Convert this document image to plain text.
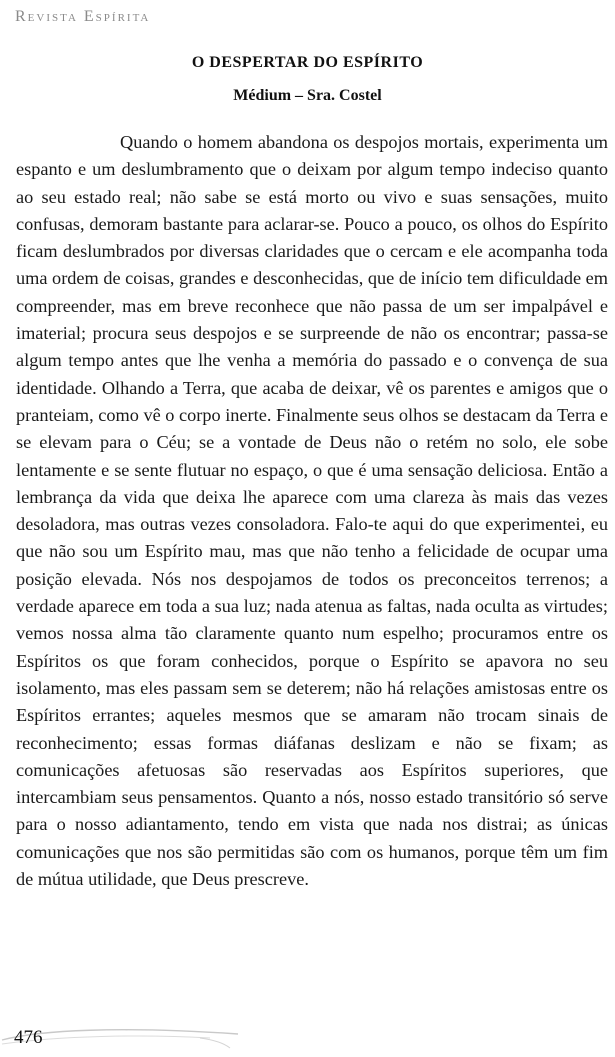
Revista Espírita
O DESPERTAR DO ESPÍRITO
Médium – Sra. Costel

Quando o homem abandona os despojos mortais, experimenta um espanto e um deslumbramento que o deixam por algum tempo indeciso quanto ao seu estado real; não sabe se está morto ou vivo e suas sensações, muito confusas, demoram bastante para aclarar-se. Pouco a pouco, os olhos do Espírito ficam deslumbrados por diversas claridades que o cercam e ele acompanha toda uma ordem de coisas, grandes e desconhecidas, que de início tem dificuldade em compreender, mas em breve reconhece que não passa de um ser impalpável e imaterial; procura seus despojos e se surpreende de não os encontrar; passa-se algum tempo antes que lhe venha a memória do passado e o convença de sua identidade. Olhando a Terra, que acaba de deixar, vê os parentes e amigos que o pranteiam, como vê o corpo inerte. Finalmente seus olhos se destacam da Terra e se elevam para o Céu; se a vontade de Deus não o retém no solo, ele sobe lentamente e se sente flutuar no espaço, o que é uma sensação deliciosa. Então a lembrança da vida que deixa lhe aparece com uma clareza às mais das vezes desoladora, mas outras vezes consoladora. Falo-te aqui do que experimentei, eu que não sou um Espírito mau, mas que não tenho a felicidade de ocupar uma posição elevada. Nós nos despojamos de todos os preconceitos terrenos; a verdade aparece em toda a sua luz; nada atenua as faltas, nada oculta as virtudes; vemos nossa alma tão claramente quanto num espelho; procuramos entre os Espíritos os que foram conhecidos, porque o Espírito se apavora no seu isolamento, mas eles passam sem se deterem; não há relações amistosas entre os Espíritos errantes; aqueles mesmos que se amaram não trocam sinais de reconhecimento; essas formas diáfanas deslizam e não se fixam; as comunicações afetuosas são reservadas aos Espíritos superiores, que intercambiam seus pensamentos. Quanto a nós, nosso estado transitório só serve para o nosso adiantamento, tendo em vista que nada nos distrai; as únicas comunicações que nos são permitidas são com os humanos, porque têm um fim de mútua utilidade, que Deus prescreve.

476
